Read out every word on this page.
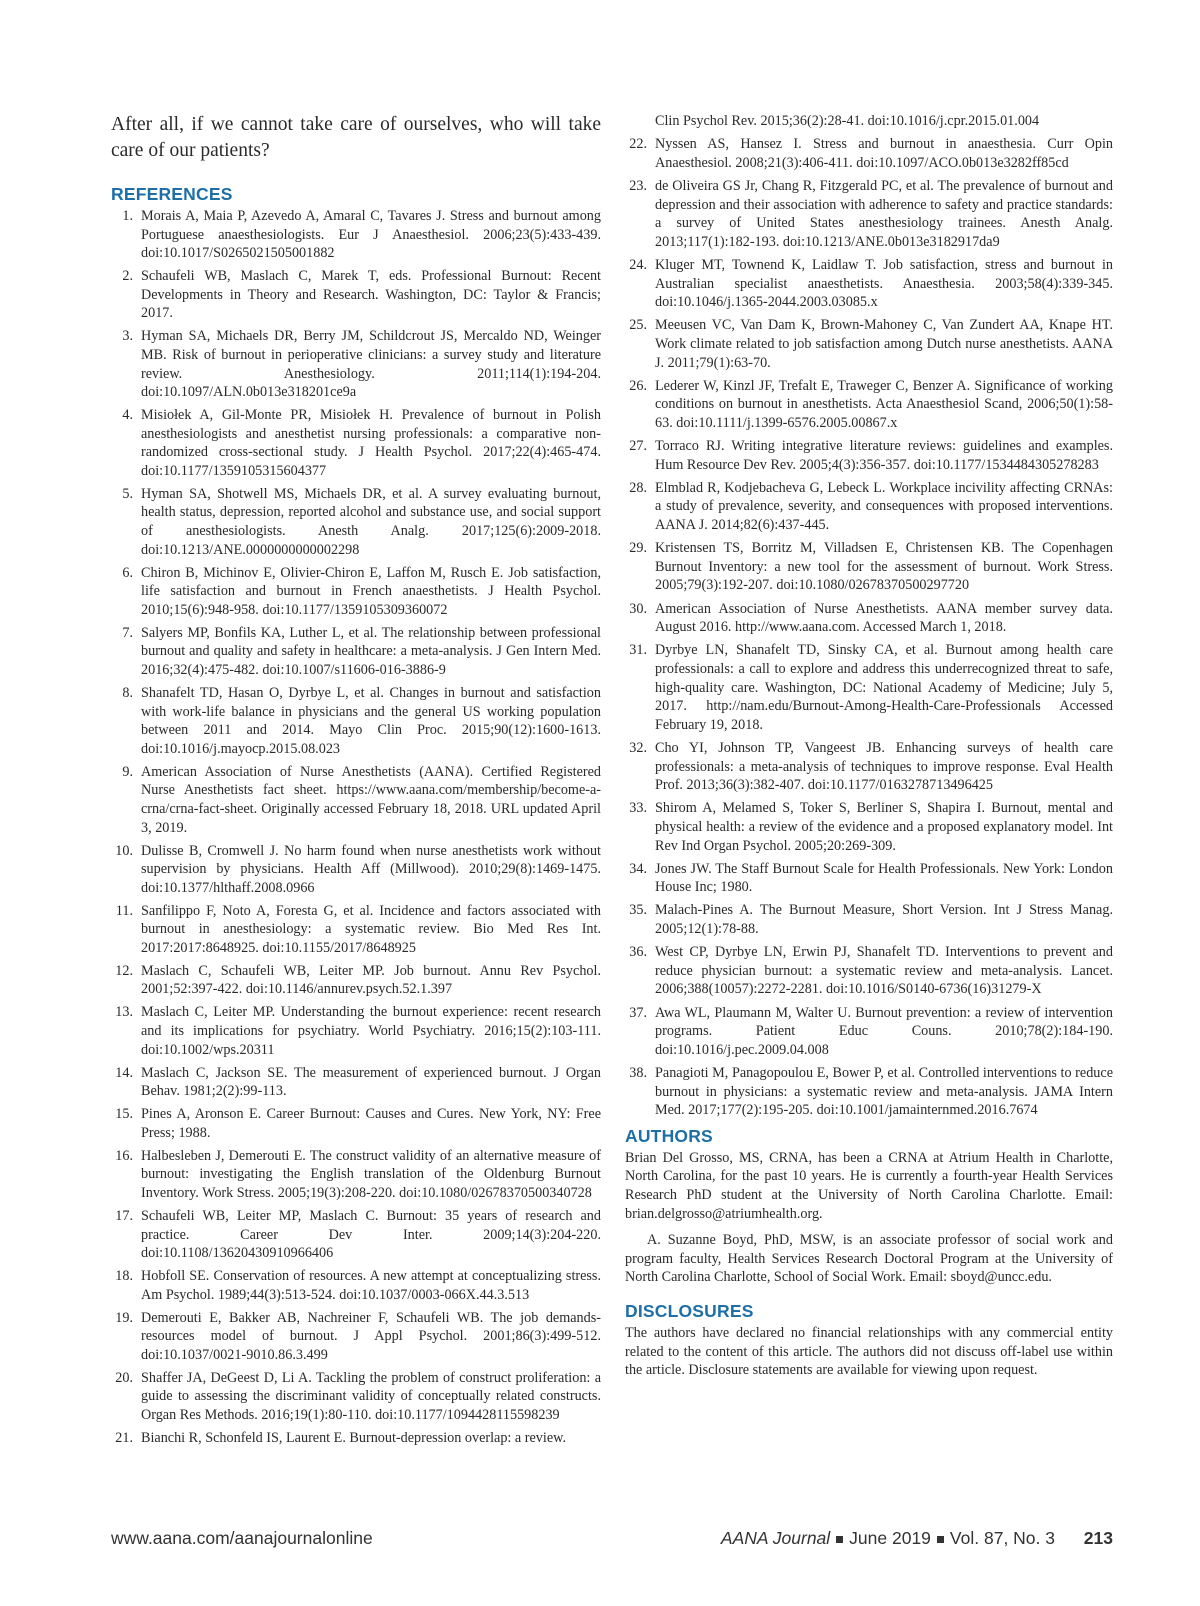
After all, if we cannot take care of ourselves, who will take care of our patients?

REFERENCES
1. Morais A, Maia P, Azevedo A, Amaral C, Tavares J. Stress and burnout among Portuguese anaesthesiologists. Eur J Anaesthesiol. 2006;23(5):433-439. doi:10.1017/S0265021505001882
2. Schaufeli WB, Maslach C, Marek T, eds. Professional Burnout: Recent Developments in Theory and Research. Washington, DC: Taylor & Francis; 2017.
3. Hyman SA, Michaels DR, Berry JM, Schildcrout JS, Mercaldo ND, Weinger MB. Risk of burnout in perioperative clinicians: a survey study and literature review. Anesthesiology. 2011;114(1):194-204. doi:10.1097/ALN.0b013e318201ce9a
4. Misiołek A, Gil-Monte PR, Misiołek H. Prevalence of burnout in Polish anesthesiologists and anesthetist nursing professionals: a comparative non-randomized cross-sectional study. J Health Psychol. 2017;22(4):465-474. doi:10.1177/1359105315604377
5. Hyman SA, Shotwell MS, Michaels DR, et al. A survey evaluating burnout, health status, depression, reported alcohol and substance use, and social support of anesthesiologists. Anesth Analg. 2017;125(6):2009-2018. doi:10.1213/ANE.0000000000002298
6. Chiron B, Michinov E, Olivier-Chiron E, Laffon M, Rusch E. Job satisfaction, life satisfaction and burnout in French anaesthetists. J Health Psychol. 2010;15(6):948-958. doi:10.1177/1359105309360072
7. Salyers MP, Bonfils KA, Luther L, et al. The relationship between professional burnout and quality and safety in healthcare: a meta-analysis. J Gen Intern Med. 2016;32(4):475-482. doi:10.1007/s11606-016-3886-9
8. Shanafelt TD, Hasan O, Dyrbye L, et al. Changes in burnout and satisfaction with work-life balance in physicians and the general US working population between 2011 and 2014. Mayo Clin Proc. 2015;90(12):1600-1613. doi:10.1016/j.mayocp.2015.08.023
9. American Association of Nurse Anesthetists (AANA). Certified Registered Nurse Anesthetists fact sheet. https://www.aana.com/membership/become-a-crna/crna-fact-sheet. Originally accessed February 18, 2018. URL updated April 3, 2019.
10. Dulisse B, Cromwell J. No harm found when nurse anesthetists work without supervision by physicians. Health Aff (Millwood). 2010;29(8):1469-1475. doi:10.1377/hlthaff.2008.0966
11. Sanfilippo F, Noto A, Foresta G, et al. Incidence and factors associated with burnout in anesthesiology: a systematic review. Bio Med Res Int. 2017:2017:8648925. doi:10.1155/2017/8648925
12. Maslach C, Schaufeli WB, Leiter MP. Job burnout. Annu Rev Psychol. 2001;52:397-422. doi:10.1146/annurev.psych.52.1.397
13. Maslach C, Leiter MP. Understanding the burnout experience: recent research and its implications for psychiatry. World Psychiatry. 2016;15(2):103-111. doi:10.1002/wps.20311
14. Maslach C, Jackson SE. The measurement of experienced burnout. J Organ Behav. 1981;2(2):99-113.
15. Pines A, Aronson E. Career Burnout: Causes and Cures. New York, NY: Free Press; 1988.
16. Halbesleben J, Demerouti E. The construct validity of an alternative measure of burnout: investigating the English translation of the Oldenburg Burnout Inventory. Work Stress. 2005;19(3):208-220. doi:10.1080/02678370500340728
17. Schaufeli WB, Leiter MP, Maslach C. Burnout: 35 years of research and practice. Career Dev Inter. 2009;14(3):204-220. doi:10.1108/13620430910966406
18. Hobfoll SE. Conservation of resources. A new attempt at conceptualizing stress. Am Psychol. 1989;44(3):513-524. doi:10.1037/0003-066X.44.3.513
19. Demerouti E, Bakker AB, Nachreiner F, Schaufeli WB. The job demands-resources model of burnout. J Appl Psychol. 2001;86(3):499-512. doi:10.1037/0021-9010.86.3.499
20. Shaffer JA, DeGeest D, Li A. Tackling the problem of construct proliferation: a guide to assessing the discriminant validity of conceptually related constructs. Organ Res Methods. 2016;19(1):80-110. doi:10.1177/1094428115598239
21. Bianchi R, Schonfeld IS, Laurent E. Burnout-depression overlap: a review.
Clin Psychol Rev. 2015;36(2):28-41. doi:10.1016/j.cpr.2015.01.004
22. Nyssen AS, Hansez I. Stress and burnout in anaesthesia. Curr Opin Anaesthesiol. 2008;21(3):406-411. doi:10.1097/ACO.0b013e3282ff85cd
23. de Oliveira GS Jr, Chang R, Fitzgerald PC, et al. The prevalence of burnout and depression and their association with adherence to safety and practice standards: a survey of United States anesthesiology trainees. Anesth Analg. 2013;117(1):182-193. doi:10.1213/ANE.0b013e3182917da9
24. Kluger MT, Townend K, Laidlaw T. Job satisfaction, stress and burnout in Australian specialist anaesthetists. Anaesthesia. 2003;58(4):339-345. doi:10.1046/j.1365-2044.2003.03085.x
25. Meeusen VC, Van Dam K, Brown-Mahoney C, Van Zundert AA, Knape HT. Work climate related to job satisfaction among Dutch nurse anesthetists. AANA J. 2011;79(1):63-70.
26. Lederer W, Kinzl JF, Trefalt E, Traweger C, Benzer A. Significance of working conditions on burnout in anesthetists. Acta Anaesthesiol Scand, 2006;50(1):58-63. doi:10.1111/j.1399-6576.2005.00867.x
27. Torraco RJ. Writing integrative literature reviews: guidelines and examples. Hum Resource Dev Rev. 2005;4(3):356-357. doi:10.1177/1534484305278283
28. Elmblad R, Kodjebacheva G, Lebeck L. Workplace incivility affecting CRNAs: a study of prevalence, severity, and consequences with proposed interventions. AANA J. 2014;82(6):437-445.
29. Kristensen TS, Borritz M, Villadsen E, Christensen KB. The Copenhagen Burnout Inventory: a new tool for the assessment of burnout. Work Stress. 2005;79(3):192-207. doi:10.1080/02678370500297720
30. American Association of Nurse Anesthetists. AANA member survey data. August 2016. http://www.aana.com. Accessed March 1, 2018.
31. Dyrbye LN, Shanafelt TD, Sinsky CA, et al. Burnout among health care professionals: a call to explore and address this underrecognized threat to safe, high-quality care. Washington, DC: National Academy of Medicine; July 5, 2017. http://nam.edu/Burnout-Among-Health-Care-Professionals Accessed February 19, 2018.
32. Cho YI, Johnson TP, Vangeest JB. Enhancing surveys of health care professionals: a meta-analysis of techniques to improve response. Eval Health Prof. 2013;36(3):382-407. doi:10.1177/0163278713496425
33. Shirom A, Melamed S, Toker S, Berliner S, Shapira I. Burnout, mental and physical health: a review of the evidence and a proposed explanatory model. Int Rev Ind Organ Psychol. 2005;20:269-309.
34. Jones JW. The Staff Burnout Scale for Health Professionals. New York: London House Inc; 1980.
35. Malach-Pines A. The Burnout Measure, Short Version. Int J Stress Manag. 2005;12(1):78-88.
36. West CP, Dyrbye LN, Erwin PJ, Shanafelt TD. Interventions to prevent and reduce physician burnout: a systematic review and meta-analysis. Lancet. 2006;388(10057):2272-2281. doi:10.1016/S0140-6736(16)31279-X
37. Awa WL, Plaumann M, Walter U. Burnout prevention: a review of intervention programs. Patient Educ Couns. 2010;78(2):184-190. doi:10.1016/j.pec.2009.04.008
38. Panagioti M, Panagopoulou E, Bower P, et al. Controlled interventions to reduce burnout in physicians: a systematic review and meta-analysis. JAMA Intern Med. 2017;177(2):195-205. doi:10.1001/jamainternmed.2016.7674
AUTHORS

Brian Del Grosso, MS, CRNA, has been a CRNA at Atrium Health in Charlotte, North Carolina, for the past 10 years. He is currently a fourth-year Health Services Research PhD student at the University of North Carolina Charlotte. Email: brian.delgrosso@atriumhealth.org.

A. Suzanne Boyd, PhD, MSW, is an associate professor of social work and program faculty, Health Services Research Doctoral Program at the University of North Carolina Charlotte, School of Social Work. Email: sboyd@uncc.edu.

DISCLOSURES

The authors have declared no financial relationships with any commercial entity related to the content of this article. The authors did not discuss off-label use within the article. Disclosure statements are available for viewing upon request.

www.aana.com/aanajournalonline	AANA Journal June 2019 Vol. 87, No. 3 213
